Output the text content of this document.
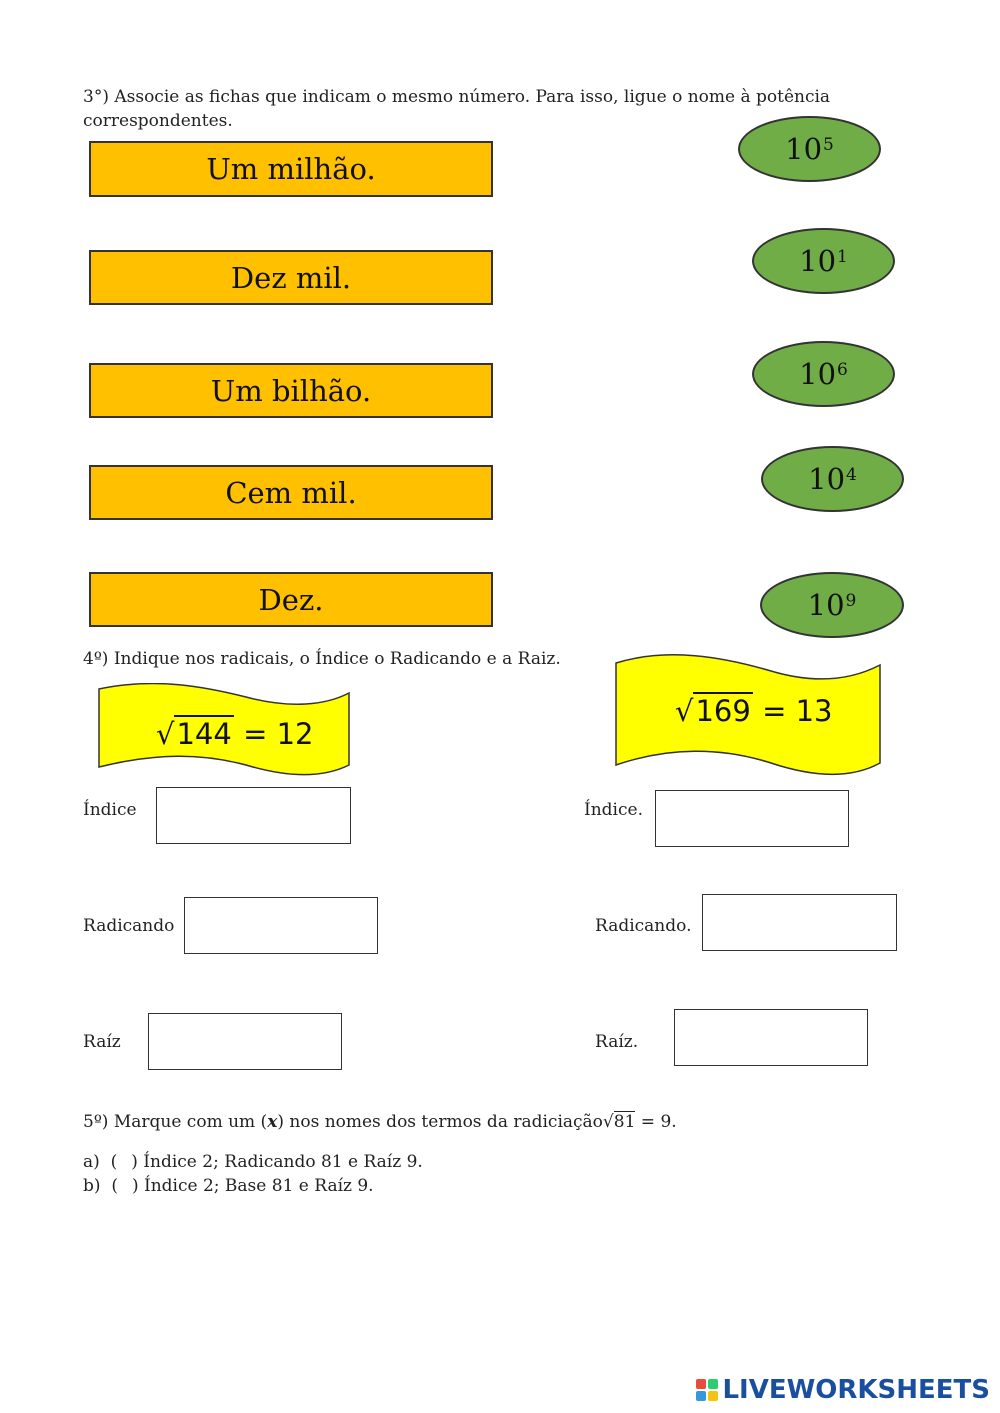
3°) Associe as fichas que indicam o mesmo número. Para isso, ligue o nome à potência
correspondentes.
Um milhão.
Dez mil.
Um bilhão.
Cem mil.
Dez.
$10^5$
$10^1$
$10^6$
$10^4$
$10^9$
4º) Indique nos radicais, o Índice o Radicando e a Raiz.
√144 = 12
√169 = 13
Índice
Radicando
Raíz
Índice.
Radicando.
Raíz.
5º) Marque com um (x) nos nomes dos termos da radiciação√81 = 9.
a) ( ) Índice 2; Radicando 81 e Raíz 9.
b) ( ) Índice 2; Base 81 e Raíz 9.
LIVEWORKSHEETS
